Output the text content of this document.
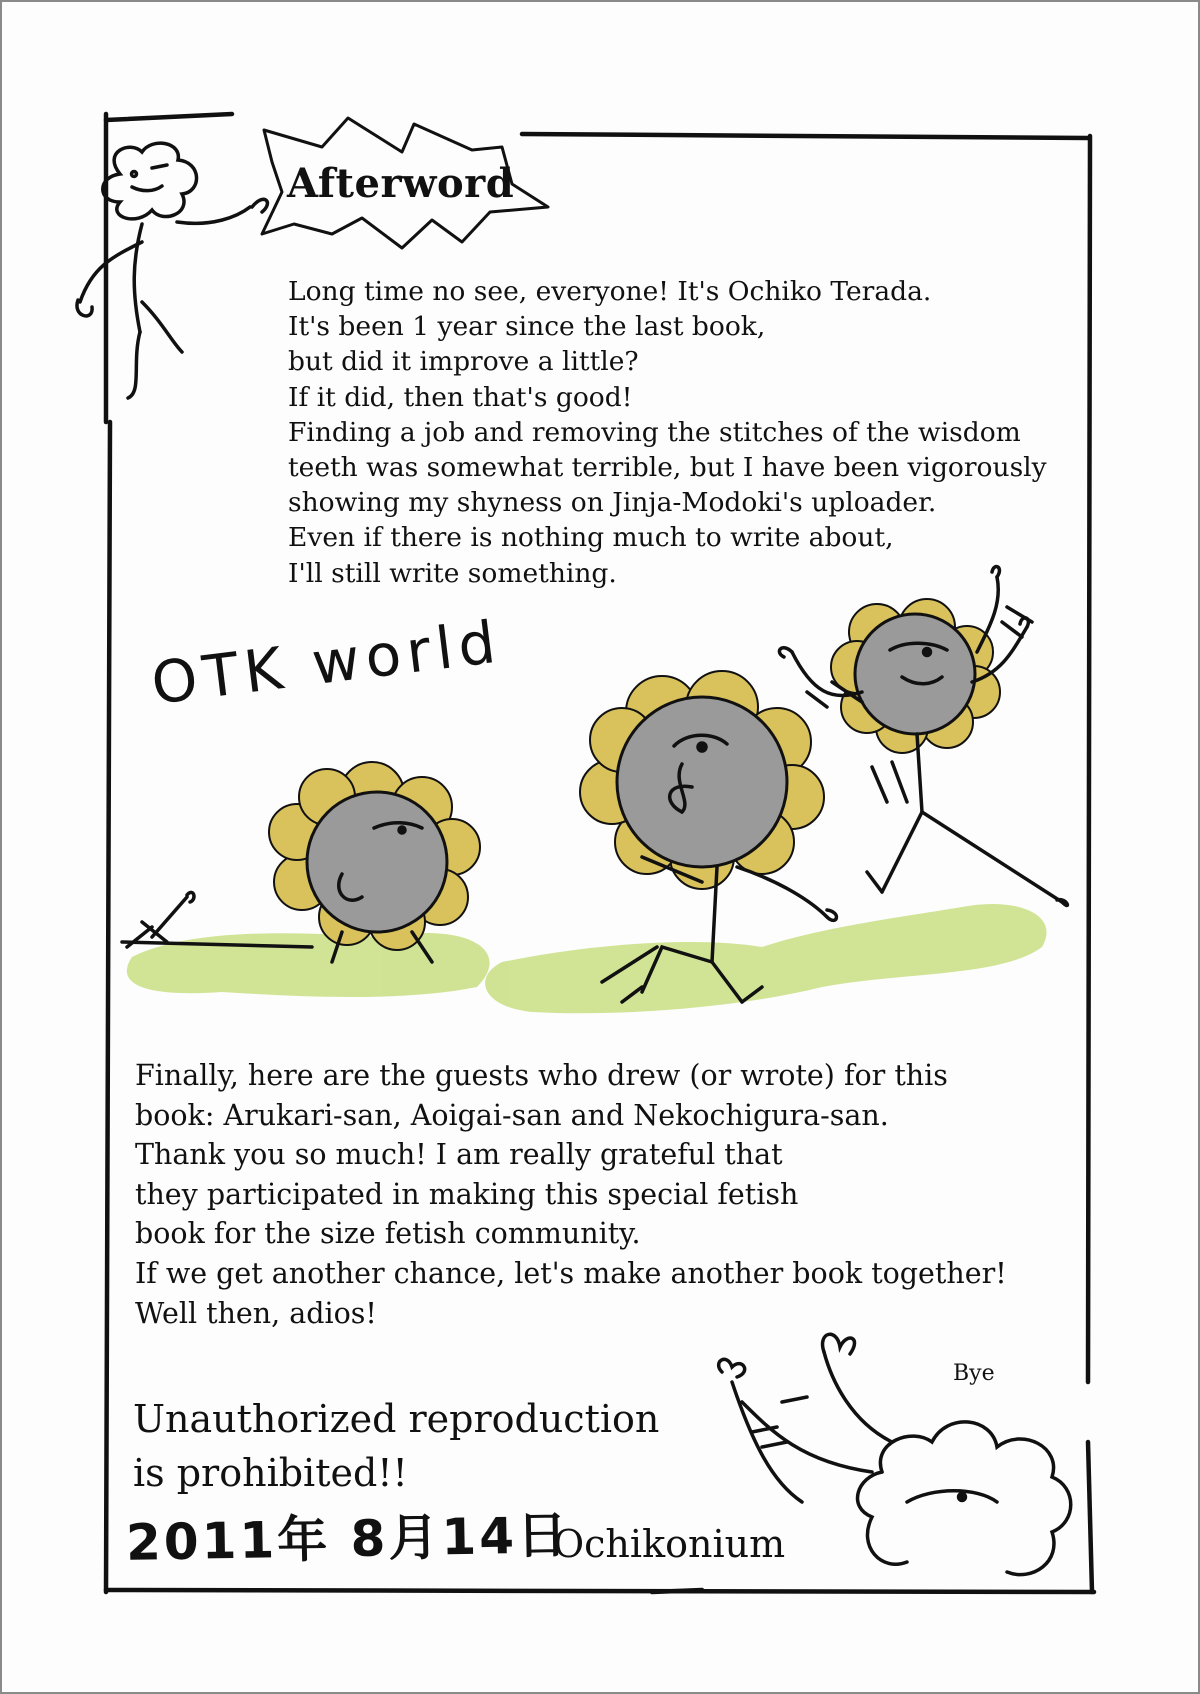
Afterword
Long time no see, everyone! It's Ochiko Terada.
It's been 1 year since the last book,
but did it improve a little?
If it did, then that's good!
Finding a job and removing the stitches of the wisdom
teeth was somewhat terrible, but I have been vigorously
showing my shyness on Jinja-Modoki's uploader.
Even if there is nothing much to write about,
I'll still write something.
OTK world
Finally, here are the guests who drew (or wrote) for this
book: Arukari-san, Aoigai-san and Nekochigura-san.
Thank you so much! I am really grateful that
they participated in making this special fetish
book for the size fetish community.
If we get another chance, let's make another book together!
Well then, adios!
Bye
Unauthorized reproduction
is prohibited!!
2011年 8月14日
Ochikonium
